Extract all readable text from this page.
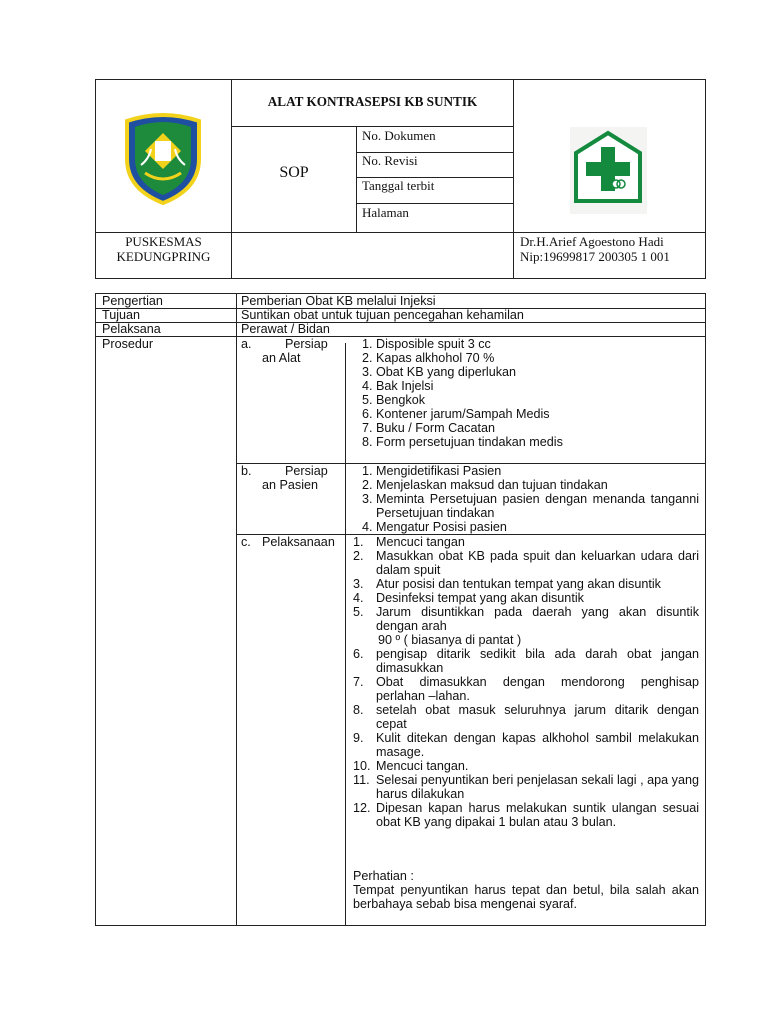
ALAT KONTRASEPSI KB SUNTIK
SOP
No. Dokumen
No. Revisi
Tanggal terbit
Halaman
PUSKESMAS
KEDUNGPRING
Dr.H.Arief Agoestono Hadi
Nip:19699817 200305 1 001
Pengertian
Tujuan
Pelaksana
Prosedur
Pemberian Obat KB melalui Injeksi
Suntikan obat untuk tujuan pencegahan kehamilan
Perawat / Bidan
a.	Persiap
an Alat
1. Disposible spuit 3 cc
2. Kapas alkhohol 70 %
3. Obat KB yang diperlukan
4. Bak Injelsi
5. Bengkok
6. Kontener jarum/Sampah Medis
7. Buku / Form Cacatan
8. Form persetujuan tindakan medis
b.	Persiap
an Pasien
1. Mengidetifikasi Pasien
2. Menjelaskan maksud dan tujuan tindakan
3. Meminta Persetujuan pasien dengan menanda tanganni Persetujuan tindakan
4. Mengatur Posisi pasien
c. Pelaksanaan 1. Mencuci tangan
2. Masukkan obat KB pada spuit dan keluarkan udara dari dalam spuit
3. Atur posisi dan tentukan tempat yang akan disuntik
4. Desinfeksi tempat yang akan disuntik
5. Jarum disuntikkan pada daerah yang akan disuntik dengan arah
90 º ( biasanya di pantat )
6. pengisap ditarik sedikit bila ada darah obat jangan dimasukkan
7. Obat dimasukkan dengan mendorong penghisap perlahan –lahan.
8. setelah obat masuk seluruhnya jarum ditarik dengan cepat
9. Kulit ditekan dengan kapas alkhohol sambil melakukan masage.
10. Mencuci tangan.
11. Selesai penyuntikan beri penjelasan sekali lagi , apa yang harus dilakukan
12. Dipesan kapan harus melakukan suntik ulangan sesuai obat KB yang dipakai 1 bulan atau 3 bulan.
Perhatian :
Tempat penyuntikan harus tepat dan betul, bila salah akan berbahaya sebab bisa mengenai syaraf.
